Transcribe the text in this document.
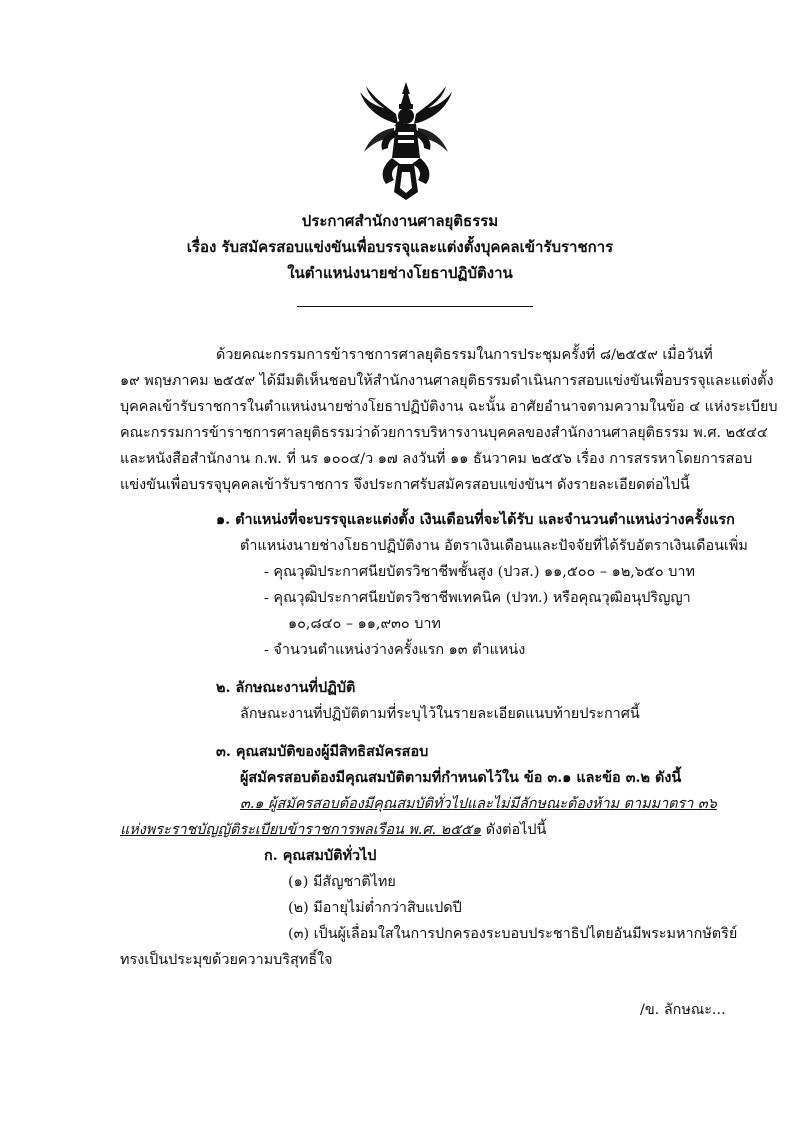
ประกาศสำนักงานศาลยุติธรรม
เรื่อง รับสมัครสอบแข่งขันเพื่อบรรจุและแต่งตั้งบุคคลเข้ารับราชการ
ในตำแหน่งนายช่างโยธาปฏิบัติงาน
ด้วยคณะกรรมการข้าราชการศาลยุติธรรมในการประชุมครั้งที่ ๘/๒๕๕๙ เมื่อวันที่
๑๙ พฤษภาคม ๒๕๕๙ ได้มีมติเห็นชอบให้สำนักงานศาลยุติธรรมดำเนินการสอบแข่งขันเพื่อบรรจุและแต่งตั้ง
บุคคลเข้ารับราชการในตำแหน่งนายช่างโยธาปฏิบัติงาน ฉะนั้น อาศัยอำนาจตามความในข้อ ๔ แห่งระเบียบ
คณะกรรมการข้าราชการศาลยุติธรรมว่าด้วยการบริหารงานบุคคลของสำนักงานศาลยุติธรรม พ.ศ. ๒๕๔๔
และหนังสือสำนักงาน ก.พ. ที่ นร ๑๐๐๔/ว ๑๗ ลงวันที่ ๑๑ ธันวาคม ๒๕๕๖ เรื่อง การสรรหาโดยการสอบ
แข่งขันเพื่อบรรจุบุคคลเข้ารับราชการ จึงประกาศรับสมัครสอบแข่งขันฯ ดังรายละเอียดต่อไปนี้
๑. ตำแหน่งที่จะบรรจุและแต่งตั้ง เงินเดือนที่จะได้รับ และจำนวนตำแหน่งว่างครั้งแรก
ตำแหน่งนายช่างโยธาปฏิบัติงาน อัตราเงินเดือนและปัจจัยที่ได้รับอัตราเงินเดือนเพิ่ม
- คุณวุฒิประกาศนียบัตรวิชาชีพชั้นสูง (ปวส.) ๑๑,๕๐๐ – ๑๒,๖๕๐ บาท
- คุณวุฒิประกาศนียบัตรวิชาชีพเทคนิค (ปวท.) หรือคุณวุฒิอนุปริญญา
๑๐,๘๔๐ – ๑๑,๙๓๐ บาท
- จำนวนตำแหน่งว่างครั้งแรก ๑๓ ตำแหน่ง
๒. ลักษณะงานที่ปฏิบัติ
ลักษณะงานที่ปฏิบัติตามที่ระบุไว้ในรายละเอียดแนบท้ายประกาศนี้
๓. คุณสมบัติของผู้มีสิทธิสมัครสอบ
ผู้สมัครสอบต้องมีคุณสมบัติตามที่กำหนดไว้ใน ข้อ ๓.๑ และข้อ ๓.๒ ดังนี้
๓.๑ ผู้สมัครสอบต้องมีคุณสมบัติทั่วไปและไม่มีลักษณะต้องห้าม ตามมาตรา ๓๖
แห่งพระราชบัญญัติระเบียบข้าราชการพลเรือน พ.ศ. ๒๕๕๑ ดังต่อไปนี้
ก. คุณสมบัติทั่วไป
(๑) มีสัญชาติไทย
(๒) มีอายุไม่ต่ำกว่าสิบแปดปี
(๓) เป็นผู้เลื่อมใสในการปกครองระบอบประชาธิปไตยอันมีพระมหากษัตริย์
ทรงเป็นประมุขด้วยความบริสุทธิ์ใจ
/ข. ลักษณะ...
